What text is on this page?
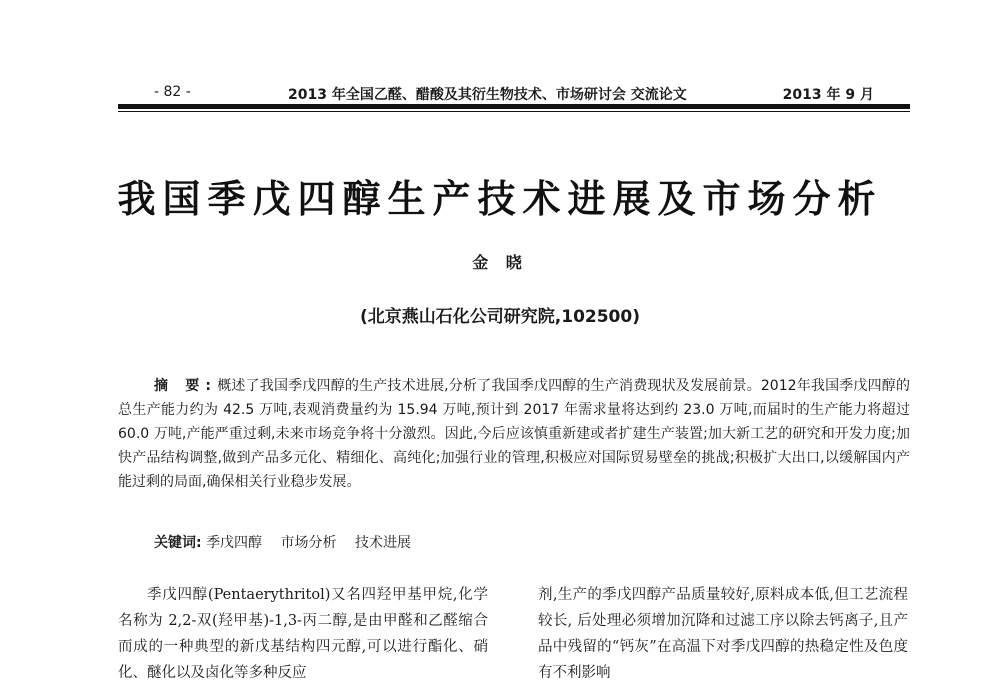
- 82 -	2013 年全国乙醛、醋酸及其衍生物技术、市场研讨会 交流论文	2013 年 9 月
我国季戊四醇生产技术进展及市场分析
金 晓
(北京燕山石化公司研究院,102500)
摘 要:概述了我国季戊四醇的生产技术进展,分析了我国季戊四醇的生产消费现状及发展前景。2012年我国季戊四醇的总生产能力约为 42.5 万吨,表观消费量约为 15.94 万吨,预计到 2017 年需求量将达到约 23.0 万吨,而届时的生产能力将超过 60.0 万吨,产能严重过剩,未来市场竞争将十分激烈。因此,今后应该慎重新建或者扩建生产装置;加大新工艺的研究和开发力度;加快产品结构调整,做到产品多元化、精细化、高纯化;加强行业的管理,积极应对国际贸易壁垒的挑战;积极扩大出口,以缓解国内产能过剩的局面,确保相关行业稳步发展。
关键词: 季戊四醇 市场分析 技术进展
季戊四醇(Pentaerythritol)又名四羟甲基甲烷,化学名称为 2,2-双(羟甲基)-1,3-丙二醇,是由甲醛和乙醛缩合而成的一种典型的新戊基结构四元醇,可以进行酯化、硝化、醚化以及卤化等多种反应
剂,生产的季戊四醇产品质量较好,原料成本低,但工艺流程较长, 后处理必须增加沉降和过滤工序以除去钙离子,且产品中残留的“钙灰”在高温下对季戊四醇的热稳定性及色度有不利影响
